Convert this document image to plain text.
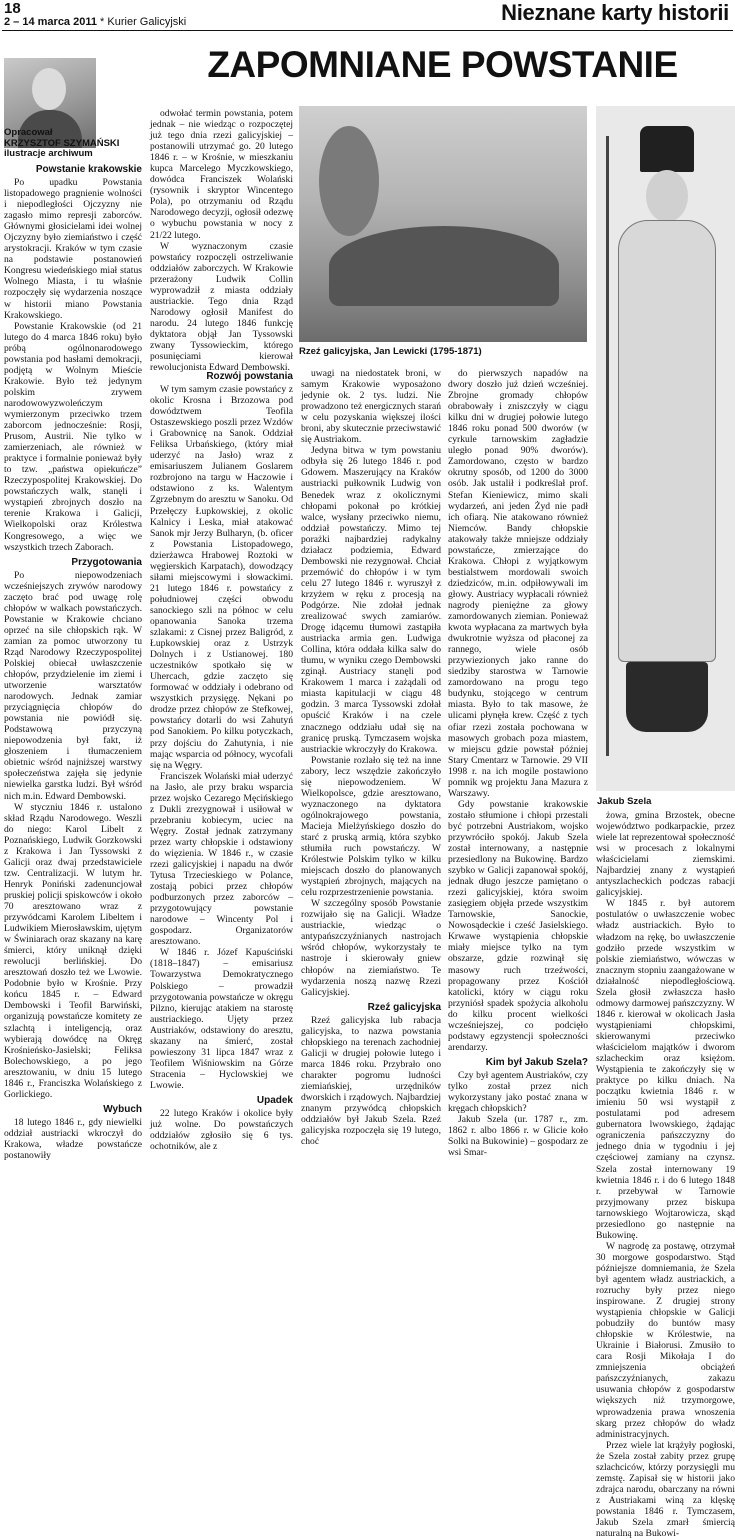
18
2 – 14 marca 2011 * Kurier Galicyjski	Nieznane karty historii
ZAPOMNIANE POWSTANIE
Opracował
KRZYSZTOF SZYMAŃSKI
ilustracje archiwum
Rzeź galicyjska, Jan Lewicki (1795-1871)
Jakub Szela
Powstanie krakowskie

Po upadku Powstania listopadowego pragnienie wolności i niepodległości Ojczyzny nie zagasło mimo represji zaborców. Głównymi głosicielami idei wolnej Ojczyzny było ziemiaństwo i część arystokracji. Kraków w tym czasie na podstawie postanowień Kongresu wiedeńskiego miał status Wolnego Miasta, i tu właśnie rozpoczęły się wydarzenia noszące w historii miano Powstania Krakowskiego.

Powstanie Krakowskie (od 21 lutego do 4 marca 1846 roku) było próbą ogólnonarodowego powstania pod hasłami demokracji, podjętą w Wolnym Mieście Krakowie. Było też jedynym polskim zrywem narodowowyzwoleńczym wymierzonym przeciwko trzem zaborcom jednocześnie: Rosji, Prusom, Austrii. Nie tylko w zamierzeniach, ale również w praktyce i formalnie ponieważ były to tzw. „państwa opiekuńcze” Rzeczypospolitej Krakowskiej. Do powstańczych walk, stanęli i wystąpień zbrojnych doszło na terenie Krakowa i Galicji, Wielkopolski oraz Królestwa Kongresowego, a więc we wszystkich trzech Zaborach.

Przygotowania

Po niepowodzeniach wcześniejszych zrywów narodowy zaczęto brać pod uwagę rolę chłopów w walkach powstańczych. Powstanie w Krakowie chciano oprzeć na sile chłopskich rąk. W zamian za pomoc utworzony tu Rząd Narodowy Rzeczypospolitej Polskiej obiecał uwłaszczenie chłopów, przydzielenie im ziemi i utworzenie warsztatów narodowych. Jednak zamiar przyciągnięcia chłopów do powstania nie powiódł się. Podstawową przyczyną niepowodzenia był fakt, iż głoszeniem i tłumaczeniem obietnic wśród najniższej warstwy społeczeństwa zajęła się jedynie niewielka garstka ludzi. Był wśród nich m.in. Edward Dembowski.

W styczniu 1846 r. ustalono skład Rządu Narodowego. Weszli do niego: Karol Libelt z Poznańskiego, Ludwik Gorzkowski z Krakowa i Jan Tyssowski z Galicji oraz dwaj przedstawiciele tzw. Centralizacji. W lutym hr. Henryk Poniński zadenuncjował pruskiej policji spiskowców i około 70 aresztowano wraz z przywódcami Karolem Libeltem i Ludwikiem Mierosławskim, ujętym w Świniarach oraz skazany na karę śmierci, który uniknął dzięki rewolucji berlińskiej. Do aresztowań doszło też we Lwowie. Podobnie było w Krośnie. Przy końcu 1845 r. – Edward Dembowski i Teofil Barwiński, organizują powstańcze komitety ze szlachtą i inteligencją, oraz wybierają dowódcę na Okręg Krośnieńsko-Jasielski; Feliksa Bolechowskiego, a po jego aresztowaniu, w dniu 15 lutego 1846 r., Franciszka Wolańskiego z Gorlickiego.

Wybuch

18 lutego 1846 r., gdy niewielki oddział austriacki wkroczył do Krakowa, władze powstańcze postanowiły

odwołać termin powstania, potem jednak – nie wiedząc o rozpoczętej już tego dnia rzezi galicyjskiej – postanowili utrzymać go. 20 lutego 1846 r. – w Krośnie, w mieszkaniu kupca Marcelego Myczkowskiego, dowódca Franciszek Wolański (rysownik i skryptor Wincentego Pola), po otrzymaniu od Rządu Narodowego decyzji, ogłosił odezwę o wybuchu powstania w nocy z 21/22 lutego.

W wyznaczonym czasie powstańcy rozpoczęli ostrzeliwanie oddziałów zaborczych. W Krakowie przerażony Ludwik Collin wyprowadził z miasta oddziały austriackie. Tego dnia Rząd Narodowy ogłosił Manifest do narodu. 24 lutego 1846 funkcję dyktatora objął Jan Tyssowski zwany Tyssowieckim, którego posunięciami kierował rewolucjonista Edward Dembowski.

Rozwój powstania

W tym samym czasie powstańcy z okolic Krosna i Brzozowa pod dowództwem Teofila Ostaszewskiego poszli przez Wzdów i Grabownicę na Sanok. Oddział Feliksa Urbańskiego, (który miał uderzyć na Jasło) wraz z emisariuszem Julianem Goslarem rozbrojono na targu w Haczowie i odstawiono z ks. Walentym Zgrzebnym do aresztu w Sanoku. Od Przełęczy Łupkowskiej, z okolic Kalnicy i Leska, miał atakować Sanok mjr Jerzy Bulharyn, (b. oficer z Powstania Listopadowego, dzierżawca Hrabowej Roztoki w węgierskich Karpatach), dowodzący siłami miejscowymi i słowackimi. 21 lutego 1846 r. powstańcy z południowej części obwodu sanockiego szli na północ w celu opanowania Sanoka trzema szlakami: z Cisnej przez Baligród, z Łupkowskiej oraz z Ustrzyk Dolnych i z Ustianowej. 180 uczestników spotkało się w Uhercach, gdzie zaczęto się formować w oddziały i odebrano od wszystkich przysięgę. Nękani po drodze przez chłopów ze Stefkowej, powstańcy dotarli do wsi Zahutyń pod Sanokiem. Po kilku potyczkach, przy dojściu do Zahutynia, i nie mając wsparcia od północy, wycofali się na Węgry.

Franciszek Wolański miał uderzyć na Jasło, ale przy braku wsparcia przez wojsko Cezarego Męcińskiego z Dukli zrezygnował i usiłował w przebraniu kobiecym, uciec na Węgry. Został jednak zatrzymany przez warty chłopskie i odstawiony do więzienia. W 1846 r., w czasie rzezi galicyjskiej i napadu na dwór Tytusa Trzecieskiego w Polance, zostają pobici przez chłopów podburzonych przez zaborców – przygotowujący powstanie narodowe – Wincenty Pol i gospodarz. Organizatorów aresztowano.

W 1846 r. Józef Kapuściński (1818–1847) – emisariusz Towarzystwa Demokratycznego Polskiego – prowadził przygotowania powstańcze w okręgu Pilzno, kierując atakiem na starostę austriackiego. Ujęty przez Austriaków, odstawiony do aresztu, skazany na śmierć, został powieszony 31 lipca 1847 wraz z Teofilem Wiśniowskim na Górze Stracenia – Hyclowskiej we Lwowie.

Upadek

22 lutego Kraków i okolice były już wolne. Do powstańczych oddziałów zgłosiło się 6 tys. ochotników, ale z

uwagi na niedostatek broni, w samym Krakowie wyposażono jedynie ok. 2 tys. ludzi. Nie prowadzono też energicznych starań w celu pozyskania większej ilości broni, aby skutecznie przeciwstawić się Austriakom.

Jedyna bitwa w tym powstaniu odbyła się 26 lutego 1846 r. pod Gdowem. Maszerujący na Kraków austriacki pułkownik Ludwig von Benedek wraz z okolicznymi chłopami pokonał po krótkiej walce, wysłany przeciwko niemu, oddział powstańczy. Mimo tej porażki najbardziej radykalny działacz podziemia, Edward Dembowski nie rezygnował. Chciał przemówić do chłopów i w tym celu 27 lutego 1846 r. wyruszył z krzyżem w ręku z procesją na Podgórze. Nie zdołał jednak zrealizować swych zamiarów. Drogę idącemu tłumowi zastąpiła austriacka armia gen. Ludwiga Collina, która oddała kilka salw do tłumu, w wyniku czego Dembowski zginął. Austriacy stanęli pod Krakowem 1 marca i zażądali od miasta kapitulacji w ciągu 48 godzin. 3 marca Tyssowski zdołał opuścić Kraków i na czele znacznego oddziału udał się na granicę pruską. Tymczasem wojska austriackie wkroczyły do Krakowa.

Powstanie rozlało się też na inne zabory, lecz wszędzie zakończyło się niepowodzeniem. W Wielkopolsce, gdzie aresztowano, wyznaczonego na dyktatora ogólnokrajowego powstania, Macieja Mielżyńskiego doszło do starć z pruską armią, która szybko stłumiła ruch powstańczy. W Królestwie Polskim tylko w kilku miejscach doszło do planowanych wystąpień zbrojnych, mających na celu rozprzestrzenienie powstania.

W szczególny sposób Powstanie rozwijało się na Galicji. Władze austriackie, wiedząc o antypańszczyźnianych nastrojach wśród chłopów, wykorzystały te nastroje i skierowały gniew chłopów na ziemiaństwo. Te wydarzenia noszą nazwę Rzezi Galicyjskiej.

Rzeź galicyjska

Rzeź galicyjska lub rabacja galicyjska, to nazwa powstania chłopskiego na terenach zachodniej Galicji w drugiej połowie lutego i marca 1846 roku. Przybrało ono charakter pogromu ludności ziemiańskiej, urzędników dworskich i rządowych. Najbardziej znanym przywódcą chłopskich oddziałów był Jakub Szela. Rzeź galicyjska rozpoczęła się 19 lutego, choć

do pierwszych napadów na dwory doszło już dzień wcześniej. Zbrojne gromady chłopów obrabowały i zniszczyły w ciągu kilku dni w drugiej połowie lutego 1846 roku ponad 500 dworów (w cyrkule tarnowskim zagładzie uległo ponad 90% dworów). Zamordowano, często w bardzo okrutny sposób, od 1200 do 3000 osób. Jak ustalił i podkreślał prof. Stefan Kieniewicz, mimo skali wydarzeń, ani jeden Żyd nie padł ich ofiarą. Nie atakowano również Niemców. Bandy chłopskie atakowały także mniejsze oddziały powstańcze, zmierzające do Krakowa. Chłopi z wyjątkowym bestialstwem mordowali swoich dziedziców, m.in. odpiłowywali im głowy. Austriacy wypłacali również nagrody pieniężne za głowy zamordowanych ziemian. Ponieważ kwota wypłacana za martwych była dwukrotnie wyższa od płaconej za rannego, wiele osób przywiezionych jako ranne do siedziby starostwa w Tarnowie zamordowano na progu tego budynku, stojącego w centrum miasta. Było to tak masowe, że ulicami płynęła krew. Część z tych ofiar rzezi została pochowana w masowych grobach poza miastem, w miejscu gdzie powstał później Stary Cmentarz w Tarnowie. 29 VII 1998 r. na ich mogile postawiono pomnik wg projektu Jana Mazura z Warszawy.

Gdy powstanie krakowskie zostało stłumione i chłopi przestali być potrzebni Austriakom, wojsko przywróciło spokój. Jakub Szela został internowany, a następnie przesiedlony na Bukowinę. Bardzo szybko w Galicji zapanował spokój, jednak długo jeszcze pamiętano o rzezi galicyjskiej, która swoim zasięgiem objęła przede wszystkim Tarnowskie, Sanockie, Nowosądeckie i cześć Jasielskiego. Krwawe wystąpienia chłopskie miały miejsce tylko na tym obszarze, gdzie rozwinął się masowy ruch trzeźwości, propagowany przez Kościół katolicki, który w ciągu roku przyniósł spadek spożycia alkoholu do kilku procent wielkości wcześniejszej, co podcięło podstawy egzystencji społeczności arendarzy.

Kim był Jakub Szela?

Czy był agentem Austriaków, czy tylko został przez nich wykorzystany jako postać znana w kręgach chłopskich?

Jakub Szela (ur. 1787 r., zm. 1862 r. albo 1866 r. w Glicie koło Solki na Bukowinie) – gospodarz ze wsi Smar-

żowa, gmina Brzostek, obecne województwo podkarpackie, przez wiele lat reprezentował społeczność wsi w procesach z lokalnymi właścicielami ziemskimi. Najbardziej znany z wystąpień antyszlacheckich podczas rabacji galicyjskiej.

W 1845 r. był autorem postulatów o uwłaszczenie wobec władz austriackich. Było to władzom na rękę, bo uwłaszczenie godziło przede wszystkim w polskie ziemiaństwo, wówczas w znacznym stopniu zaangażowane w działalność niepodległościową. Szela głosił zwłaszcza hasło odmowy darmowej pańszczyzny. W 1846 r. kierował w okolicach Jasła wystąpieniami chłopskimi, skierowanymi przeciwko właścicielom majątków i dworom szlacheckim oraz księżom. Wystąpienia te zakończyły się w praktyce po kilku dniach. Na początku kwietnia 1846 r. w imieniu 50 wsi wystąpił z postulatami pod adresem gubernatora lwowskiego, żądając ograniczenia pańszczyzny do jednego dnia w tygodniu i jej częściowej zamiany na czynsz. Szela został internowany 19 kwietnia 1846 r. i do 6 lutego 1848 r. przebywał w Tarnowie przyjmowany przez biskupa tarnowskiego Wojtarowicza, skąd przesiedlono go następnie na Bukowinę.

W nagrodę za postawę, otrzymał 30 morgowe gospodarstwo. Stąd późniejsze domniemania, że Szela był agentem władz austriackich, a rozruchy były przez niego inspirowane. Z drugiej strony wystąpienia chłopskie w Galicji pobudziły do buntów masy chłopskie w Królestwie, na Ukrainie i Białorusi. Zmusiło to cara Rosji Mikołaja I do zmniejszenia obciążeń pańszczyźnianych, zakazu usuwania chłopów z gospodarstw większych niż trzymorgowe, wprowadzenia prawa wnoszenia skarg przez chłopów do władz administracyjnych.

Przez wiele lat krążyły pogłoski, że Szela został zabity przez grupę szlachciców, którzy porzysięgli mu zemstę. Zapisał się w historii jako zdrajca narodu, obarczany na równi z Austriakami winą za klęskę powstania 1846 r. Tymczasem, Jakub Szela zmarł śmiercią naturalną na Bukowi-
